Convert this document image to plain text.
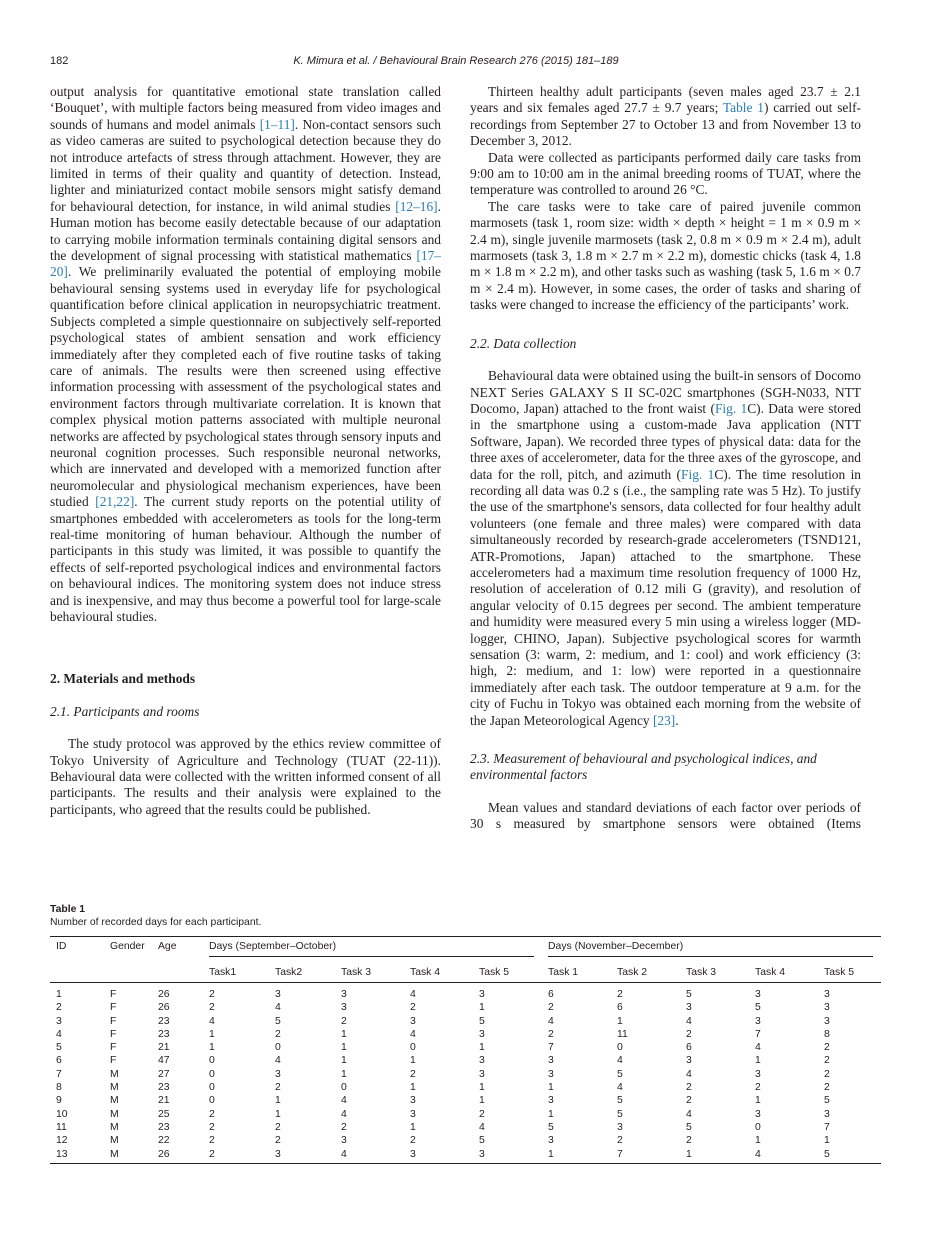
182	K. Mimura et al. / Behavioural Brain Research 276 (2015) 181–189

output analysis for quantitative emotional state translation called ‘Bouquet’, with multiple factors being measured from video images and sounds of humans and model animals [1–11]. Non-contact sensors such as video cameras are suited to psychological detection because they do not introduce artefacts of stress through attachment. However, they are limited in terms of their quality and quantity of detection. Instead, lighter and miniaturized contact mobile sensors might satisfy demand for behavioural detection, for instance, in wild animal studies [12–16]. Human motion has become easily detectable because of our adaptation to carrying mobile information terminals containing digital sensors and the development of signal processing with statistical mathematics [17–20]. We preliminarily evaluated the potential of employing mobile behavioural sensing systems used in everyday life for psychological quantification before clinical application in neuropsychiatric treatment. Subjects completed a simple questionnaire on subjectively self-reported psychological states of ambient sensation and work efficiency immediately after they completed each of five routine tasks of taking care of animals. The results were then screened using effective information processing with assessment of the psychological states and environment factors through multivariate correlation. It is known that complex physical motion patterns associated with multiple neuronal networks are affected by psychological states through sensory inputs and neuronal cognition processes. Such responsible neuronal networks, which are innervated and developed with a memorized function after neuromolecular and physiological mechanism experiences, have been studied [21,22]. The current study reports on the potential utility of smartphones embedded with accelerometers as tools for the long-term real-time monitoring of human behaviour. Although the number of participants in this study was limited, it was possible to quantify the effects of self-reported psychological indices and environmental factors on behavioural indices. The monitoring system does not induce stress and is inexpensive, and may thus become a powerful tool for large-scale behavioural studies.

2. Materials and methods

2.1. Participants and rooms

The study protocol was approved by the ethics review committee of Tokyo University of Agriculture and Technology (TUAT (22-11)). Behavioural data were collected with the written informed consent of all participants. The results and their analysis were explained to the participants, who agreed that the results could be published.

Thirteen healthy adult participants (seven males aged 23.7 ± 2.1 years and six females aged 27.7 ± 9.7 years; Table 1) carried out self-recordings from September 27 to October 13 and from November 13 to December 3, 2012.

Data were collected as participants performed daily care tasks from 9:00 am to 10:00 am in the animal breeding rooms of TUAT, where the temperature was controlled to around 26 °C.

The care tasks were to take care of paired juvenile common marmosets (task 1, room size: width × depth × height = 1 m × 0.9 m × 2.4 m), single juvenile marmosets (task 2, 0.8 m × 0.9 m × 2.4 m), adult marmosets (task 3, 1.8 m × 2.7 m × 2.2 m), domestic chicks (task 4, 1.8 m × 1.8 m × 2.2 m), and other tasks such as washing (task 5, 1.6 m × 0.7 m × 2.4 m). However, in some cases, the order of tasks and sharing of tasks were changed to increase the efficiency of the participants’ work.

2.2. Data collection

Behavioural data were obtained using the built-in sensors of Docomo NEXT Series GALAXY S II SC-02C smartphones (SGH-N033, NTT Docomo, Japan) attached to the front waist (Fig. 1C). Data were stored in the smartphone using a custom-made Java application (NTT Software, Japan). We recorded three types of physical data: data for the three axes of accelerometer, data for the three axes of the gyroscope, and data for the roll, pitch, and azimuth (Fig. 1C). The time resolution in recording all data was 0.2 s (i.e., the sampling rate was 5 Hz). To justify the use of the smartphone's sensors, data collected for four healthy adult volunteers (one female and three males) were compared with data simultaneously recorded by research-grade accelerometers (TSND121, ATR-Promotions, Japan) attached to the smartphone. These accelerometers had a maximum time resolution frequency of 1000 Hz, resolution of acceleration of 0.12 mili G (gravity), and resolution of angular velocity of 0.15 degrees per second. The ambient temperature and humidity were measured every 5 min using a wireless logger (MD-logger, CHINO, Japan). Subjective psychological scores for warmth sensation (3: warm, 2: medium, and 1: cool) and work efficiency (3: high, 2: medium, and 1: low) were reported in a questionnaire immediately after each task. The outdoor temperature at 9 a.m. for the city of Fuchu in Tokyo was obtained each morning from the website of the Japan Meteorological Agency [23].

2.3. Measurement of behavioural and psychological indices, and environmental factors

Mean values and standard deviations of each factor over periods of 30 s measured by smartphone sensors were obtained (Items

Table 1
Number of recorded days for each participant.
ID	Gender	Age	Days (September–October)					Days (November–December)				

			Task1	Task2	Task 3	Task 4	Task 5	Task 1	Task 2	Task 3	Task 4	Task 5
1	F	26	2	3	3	4	3	6	2	5	3	3
2	F	26	2	4	3	2	1	2	6	3	5	3
3	F	23	4	5	2	3	5	4	1	4	3	3
4	F	23	1	2	1	4	3	2	11	2	7	8
5	F	21	1	0	1	0	1	7	0	6	4	2
6	F	47	0	4	1	1	3	3	4	3	1	2
7	M	27	0	3	1	2	3	3	5	4	3	2
8	M	23	0	2	0	1	1	1	4	2	2	2
9	M	21	0	1	4	3	1	3	5	2	1	5
10	M	25	2	1	4	3	2	1	5	4	3	3
11	M	23	2	2	2	1	4	5	3	5	0	7
12	M	22	2	2	3	2	5	3	2	2	1	1
13	M	26	2	3	4	3	3	1	7	1	4	5
